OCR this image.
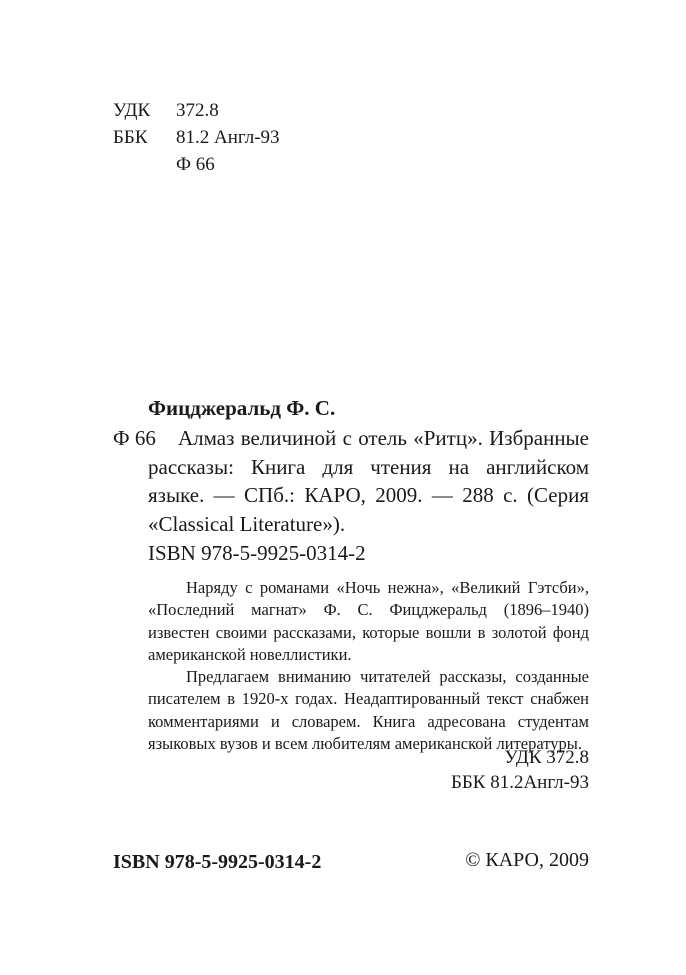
УДК	372.8
ББК	81.2 Англ-93
Ф 66
Фицджеральд Ф. С.
Ф 66	Алмаз величиной с отель «Ритц». Избранные рассказы: Книга для чтения на английском языке. — СПб.: КАРО, 2009. — 288 с. (Серия «Classical Literature»).

ISBN 978-5-9925-0314-2

Наряду с романами «Ночь нежна», «Великий Гэтсби», «Последний магнат» Ф. С. Фицджеральд (1896–1940) известен своими рассказами, которые вошли в золотой фонд американской новеллистики.

Предлагаем вниманию читателей рассказы, созданные писателем в 1920-х годах. Неадаптированный текст снабжен комментариями и словарем. Книга адресована студентам языковых вузов и всем любителям американской литературы.

УДК 372.8
ББК 81.2Англ-93
ISBN 978-5-9925-0314-2	© КАРО, 2009
